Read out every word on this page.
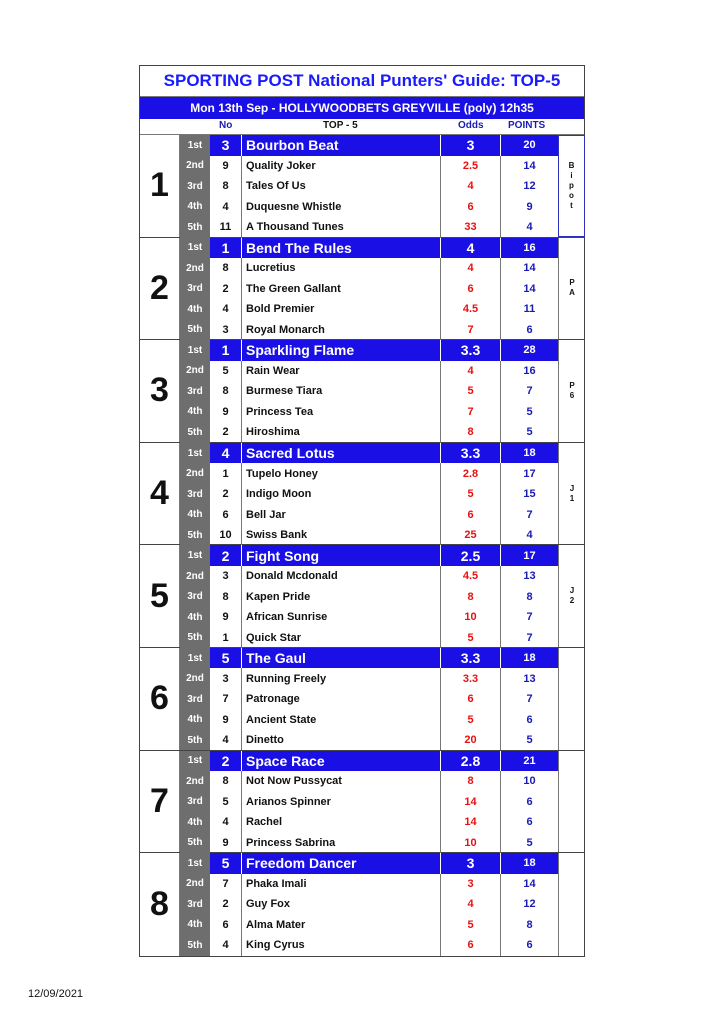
SPORTING POST National Punters' Guide: TOP-5
Mon 13th Sep - HOLLYWOODBETS GREYVILLE (poly) 12h35
No	TOP - 5	Odds POINTS
1
1st	3	Bourbon Beat	3	20
2nd	9	Quality Joker	2.5	14
3rd	8	Tales Of Us	4	12
4th	4	Duquesne Whistle	6	9
5th	11	A Thousand Tunes	33	4
Bipot
2
1st	1	Bend The Rules	4	16
2nd	8	Lucretius	4	14
3rd	2	The Green Gallant	6	14
4th	4	Bold Premier	4.5	11
5th	3	Royal Monarch	7	6
PA
3
1st	1	Sparkling Flame	3.3	28
2nd	5	Rain Wear	4	16
3rd	8	Burmese Tiara	5	7
4th	9	Princess Tea	7	5
5th	2	Hiroshima	8	5
P6
4
1st	4	Sacred Lotus	3.3	18
2nd	1	Tupelo Honey	2.8	17
3rd	2	Indigo Moon	5	15
4th	6	Bell Jar	6	7
5th	10	Swiss Bank	25	4
J1
5
1st	2	Fight Song	2.5	17
2nd	3	Donald Mcdonald	4.5	13
3rd	8	Kapen Pride	8	8
4th	9	African Sunrise	10	7
5th	1	Quick Star	5	7
J2
6
1st	5	The Gaul	3.3	18
2nd	3	Running Freely	3.3	13
3rd	7	Patronage	6	7
4th	9	Ancient State	5	6
5th	4	Dinetto	20	5
7
1st	2	Space Race	2.8	21
2nd	8	Not Now Pussycat	8	10
3rd	5	Arianos Spinner	14	6
4th	4	Rachel	14	6
5th	9	Princess Sabrina	10	5
8
1st	5	Freedom Dancer	3	18
2nd	7	Phaka Imali	3	14
3rd	2	Guy Fox	4	12
4th	6	Alma Mater	5	8
5th	4	King Cyrus	6	6
12/09/2021
